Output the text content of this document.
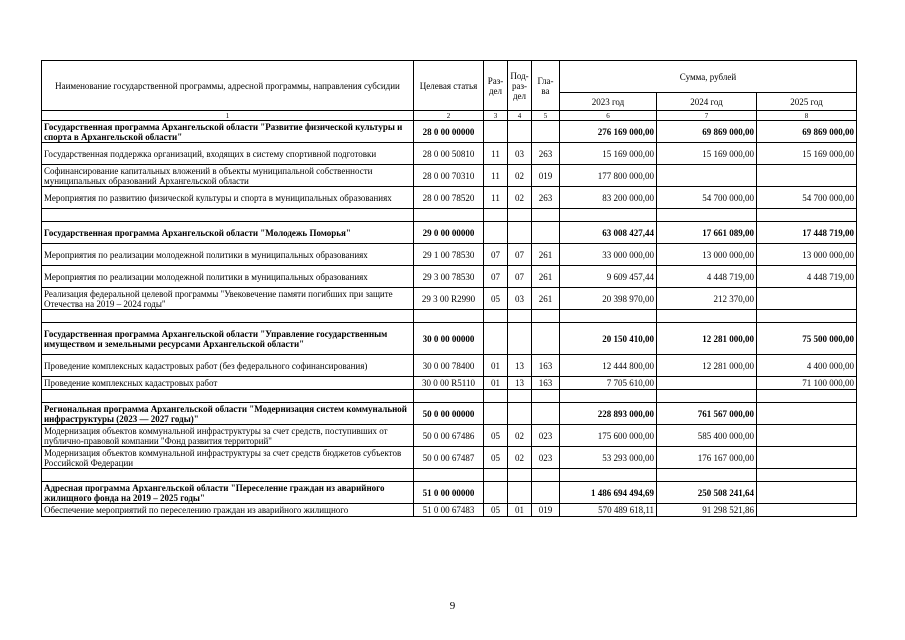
Наименование государственной программы, адресной программы, направления субсидии	Целевая статья	Раз- дел	Под- раз- дел	Гла- ва	Сумма, рублей		
					2023 год	2024 год	2025 год
1	2	3	4	5	6	7	8
Государственная программа Архангельской области "Развитие физической культуры и спорта в Архангельской области"	28 0 00 00000				276 169 000,00	69 869 000,00	69 869 000,00
Государственная поддержка организаций, входящих в систему спортивной подготовки	28 0 00 50810	11	03	263	15 169 000,00	15 169 000,00	15 169 000,00
Софинансирование капитальных вложений в объекты муниципальной собственности муниципальных образований Архангельской области	28 0 00 70310	11	02	019	177 800 000,00		
Мероприятия по развитию физической культуры и спорта в муниципальных образованиях	28 0 00 78520	11	02	263	83 200 000,00	54 700 000,00	54 700 000,00

Государственная программа Архангельской области "Молодежь Поморья"	29 0 00 00000				63 008 427,44	17 661 089,00	17 448 719,00
Мероприятия по реализации молодежной политики в муниципальных образованиях	29 1 00 78530	07	07	261	33 000 000,00	13 000 000,00	13 000 000,00
Мероприятия по реализации молодежной политики в муниципальных образованиях	29 3 00 78530	07	07	261	9 609 457,44	4 448 719,00	4 448 719,00
Реализация федеральной целевой программы "Увековечение памяти погибших при защите Отечества на 2019 – 2024 годы"	29 3 00 R2990	05	03	261	20 398 970,00	212 370,00	

Государственная программа Архангельской области "Управление государственным имуществом и земельными ресурсами Архангельской области"	30 0 00 00000				20 150 410,00	12 281 000,00	75 500 000,00
Проведение комплексных кадастровых работ (без федерального софинансирования)	30 0 00 78400	01	13	163	12 444 800,00	12 281 000,00	4 400 000,00
Проведение комплексных кадастровых работ	30 0 00 R5110	01	13	163	7 705 610,00		71 100 000,00

Региональная программа Архангельской области "Модернизация систем коммунальной инфраструктуры (2023 — 2027 годы)"	50 0 00 00000				228 893 000,00	761 567 000,00	
Модернизация объектов коммунальной инфраструктуры за счет средств, поступивших от публично-правовой компании "Фонд развития территорий"	50 0 00 67486	05	02	023	175 600 000,00	585 400 000,00	
Модернизация объектов коммунальной инфраструктуры за счет средств бюджетов субъектов Российской Федерации	50 0 00 67487	05	02	023	53 293 000,00	176 167 000,00	

Адресная программа Архангельской области "Переселение граждан из аварийного жилищного фонда на 2019 – 2025 годы"	51 0 00 00000				1 486 694 494,69	250 508 241,64	
Обеспечение мероприятий по переселению граждан из аварийного жилищного	51 0 00 67483	05	01	019	570 489 618,11	91 298 521,86	
9
